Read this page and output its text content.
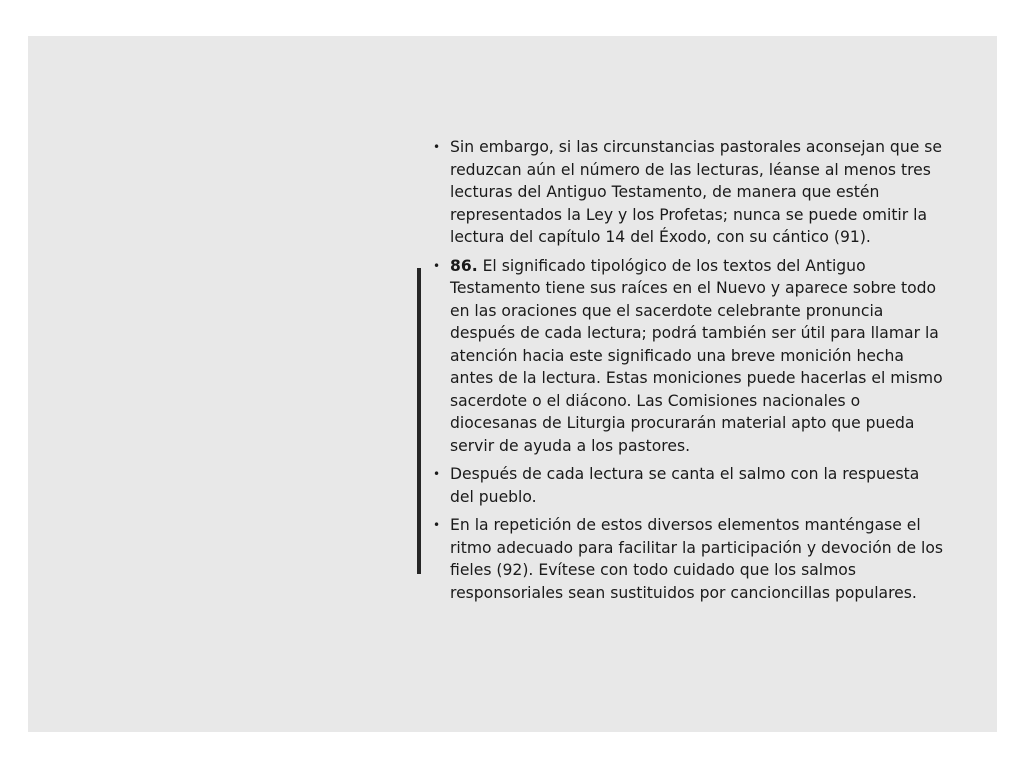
• Sin embargo, si las circunstancias pastorales aconsejan que se reduzcan aún el número de las lecturas, léanse al menos tres lecturas del Antiguo Testamento, de manera que estén representados la Ley y los Profetas; nunca se puede omitir la lectura del capítulo 14 del Éxodo, con su cántico (91).
• 86. El significado tipológico de los textos del Antiguo Testamento tiene sus raíces en el Nuevo y aparece sobre todo en las oraciones que el sacerdote celebrante pronuncia después de cada lectura; podrá también ser útil para llamar la atención hacia este significado una breve monición hecha antes de la lectura. Estas moniciones puede hacerlas el mismo sacerdote o el diácono. Las Comisiones nacionales o diocesanas de Liturgia procurarán material apto que pueda servir de ayuda a los pastores.
• Después de cada lectura se canta el salmo con la respuesta del pueblo.
• En la repetición de estos diversos elementos manténgase el ritmo adecuado para facilitar la participación y devoción de los fieles (92). Evítese con todo cuidado que los salmos responsoriales sean sustituidos por cancioncillas populares.
